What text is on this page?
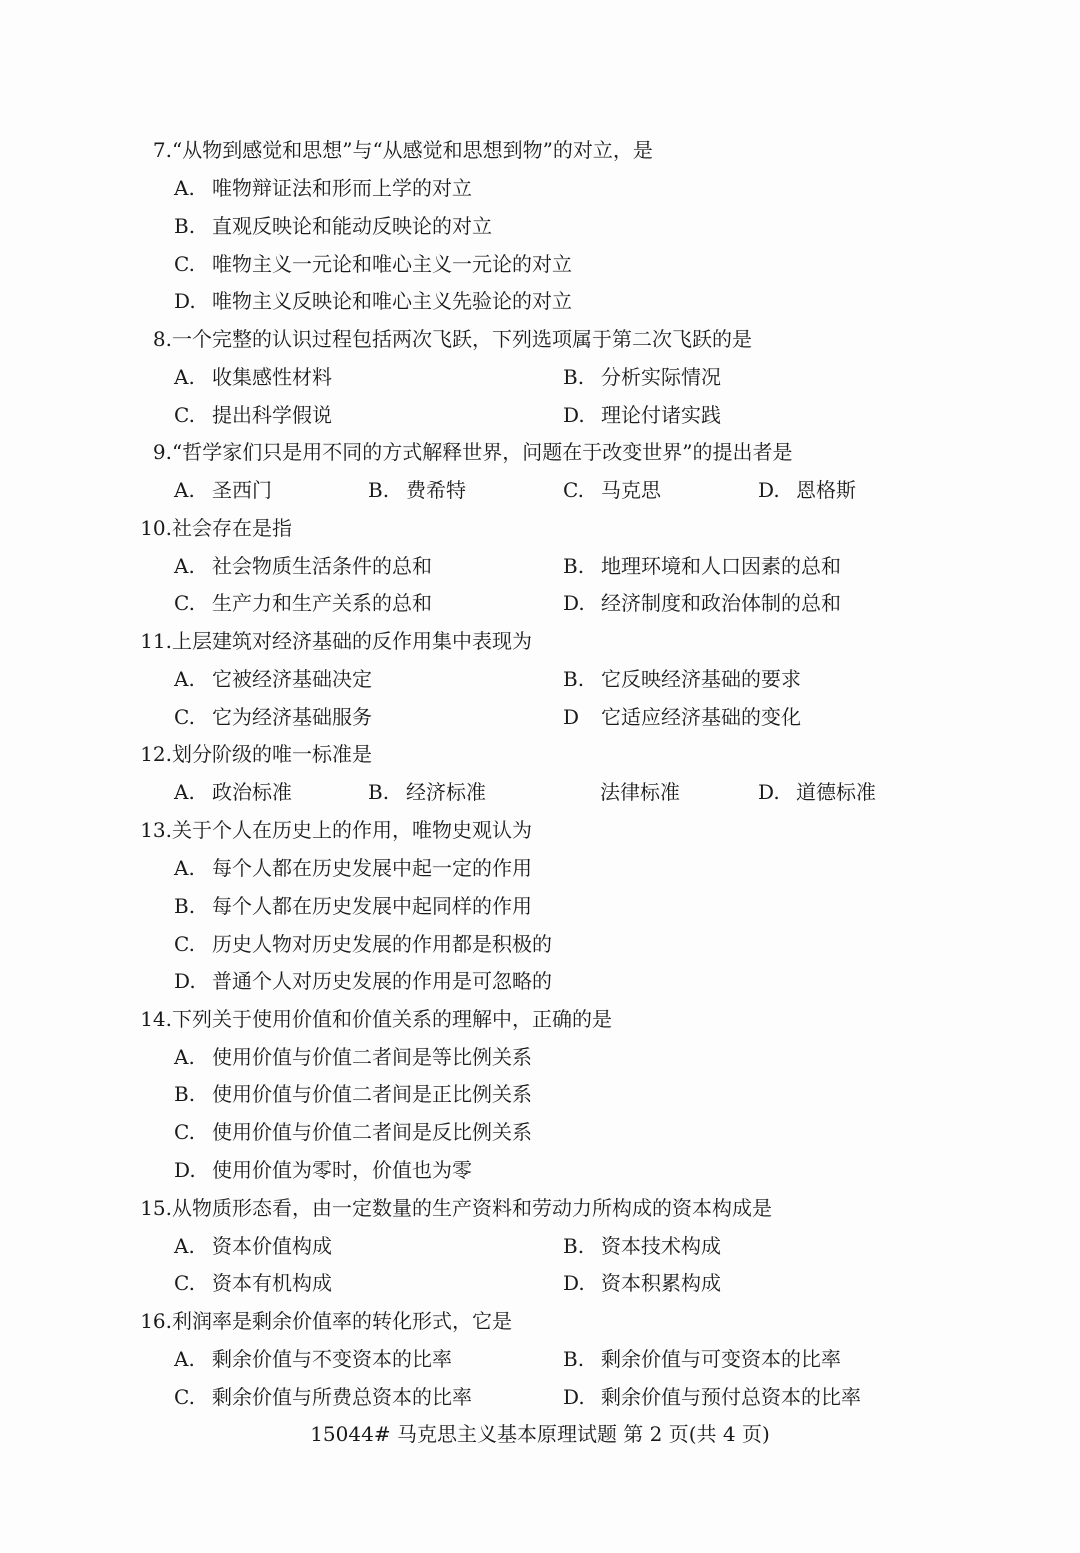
7. “从物到感觉和思想”与“从感觉和思想到物”的对立，是
A. 唯物辩证法和形而上学的对立
B. 直观反映论和能动反映论的对立
C. 唯物主义一元论和唯心主义一元论的对立
D. 唯物主义反映论和唯心主义先验论的对立
8. 一个完整的认识过程包括两次飞跃，下列选项属于第二次飞跃的是
A. 收集感性材料	B. 分析实际情况
C. 提出科学假说	D. 理论付诸实践
9. “哲学家们只是用不同的方式解释世界，问题在于改变世界”的提出者是
A. 圣西门	B. 费希特	C. 马克思	D. 恩格斯
10. 社会存在是指
A. 社会物质生活条件的总和	B. 地理环境和人口因素的总和
C. 生产力和生产关系的总和	D. 经济制度和政治体制的总和
11. 上层建筑对经济基础的反作用集中表现为
A. 它被经济基础决定	B. 它反映经济基础的要求
C. 它为经济基础服务	D 它适应经济基础的变化
12. 划分阶级的唯一标准是
A. 政治标准	B. 经济标准	法律标准	D. 道德标准
13. 关于个人在历史上的作用，唯物史观认为
A. 每个人都在历史发展中起一定的作用
B. 每个人都在历史发展中起同样的作用
C. 历史人物对历史发展的作用都是积极的
D. 普通个人对历史发展的作用是可忽略的
14. 下列关于使用价值和价值关系的理解中，正确的是
A. 使用价值与价值二者间是等比例关系
B. 使用价值与价值二者间是正比例关系
C. 使用价值与价值二者间是反比例关系
D. 使用价值为零时，价值也为零
15. 从物质形态看，由一定数量的生产资料和劳动力所构成的资本构成是
A. 资本价值构成	B. 资本技术构成
C. 资本有机构成	D. 资本积累构成
16. 利润率是剩余价值率的转化形式，它是
A. 剩余价值与不变资本的比率	B. 剩余价值与可变资本的比率
C. 剩余价值与所费总资本的比率	D. 剩余价值与预付总资本的比率
15044# 马克思主义基本原理试题 第 2 页(共 4 页)
